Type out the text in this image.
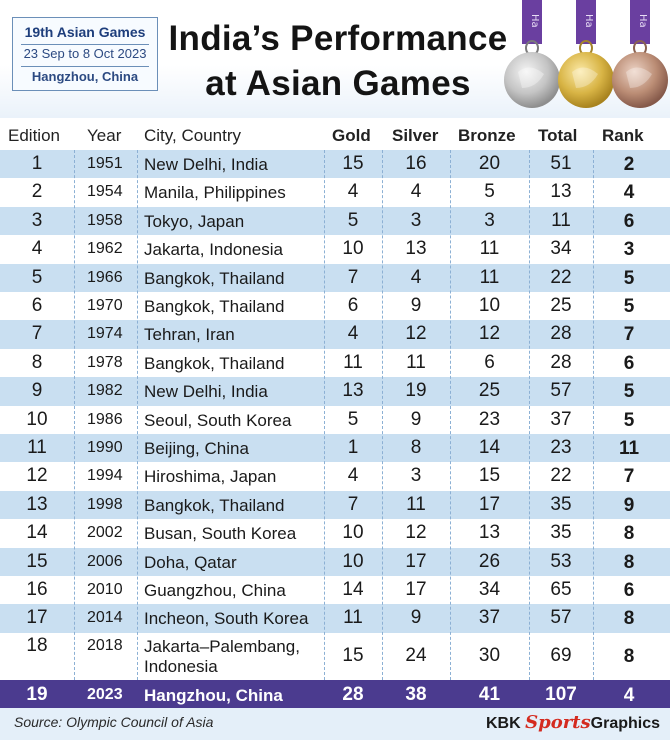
19th Asian Games
23 Sep to 8 Oct 2023
Hangzhou, China
India’s Performance
at Asian Games
Ha	Ha	Ha
Edition Year City, Country	Gold Silver Bronze Total Rank
1	1951 New Delhi, India	15	16	20	51	2
2	1954 Manila, Philippines	4	4	5	13	4
3	1958 Tokyo, Japan	5	3	3	11	6
4	1962 Jakarta, Indonesia	10	13	11	34	3
5	1966 Bangkok, Thailand	7	4	11	22	5
6	1970 Bangkok, Thailand	6	9	10	25	5
7	1974 Tehran, Iran	4	12	12	28	7
8	1978 Bangkok, Thailand	11	11	6	28	6
9	1982 New Delhi, India	13	19	25	57	5
10	1986 Seoul, South Korea	5	9	23	37	5
11	1990 Beijing, China	1	8	14	23	11
12	1994 Hiroshima, Japan	4	3	15	22	7
13	1998 Bangkok, Thailand	7	11	17	35	9
14	2002 Busan, South Korea	10	12	13	35	8
15	2006 Doha, Qatar	10	17	26	53	8
16	2010 Guangzhou, China	14	17	34	65	6
17	2014 Incheon, South Korea	11	9	37	57	8
18	2018 Jakarta–Palembang,
Indonesia
15	24	30	69	8
19	2023 Hangzhou, China	28	38	41	107	4
Source: Olympic Council of Asia	KBK SportsGraphics
